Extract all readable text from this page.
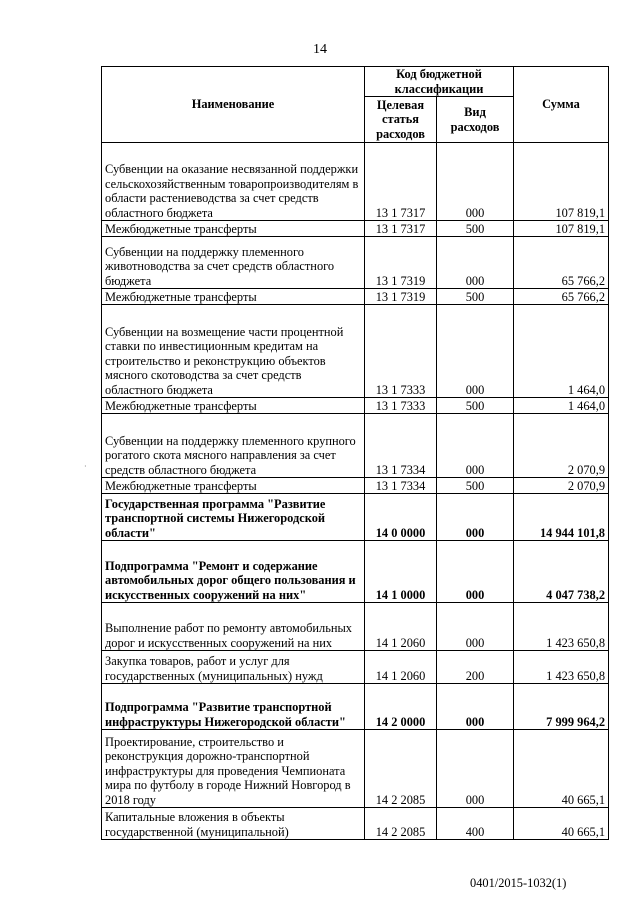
14
·
Наименование	Код бюджетной классификации		Сумма
	Целевая статья расходов	Вид расходов	
Субвенции на оказание несвязанной поддержки сельскохозяйственным товаропроизводителям в области растениеводства за счет средств областного бюджета	13 1 7317	000	107 819,1
Межбюджетные трансферты	13 1 7317	500	107 819,1
Субвенции на поддержку племенного животноводства за счет средств областного бюджета	13 1 7319	000	65 766,2
Межбюджетные трансферты	13 1 7319	500	65 766,2
Субвенции на возмещение части процентной ставки по инвестиционным кредитам на строительство и реконструкцию объектов мясного скотоводства за счет средств областного бюджета	13 1 7333	000	1 464,0
Межбюджетные трансферты	13 1 7333	500	1 464,0
Субвенции на поддержку племенного крупного рогатого скота мясного направления за счет средств областного бюджета	13 1 7334	000	2 070,9
Межбюджетные трансферты	13 1 7334	500	2 070,9
Государственная программа "Развитие транспортной системы Нижегородской области"	14 0 0000	000	14 944 101,8
Подпрограмма "Ремонт и содержание автомобильных дорог общего пользования и искусственных сооружений на них"	14 1 0000	000	4 047 738,2
Выполнение работ по ремонту автомобильных дорог и искусственных сооружений на них	14 1 2060	000	1 423 650,8
Закупка товаров, работ и услуг для государственных (муниципальных) нужд	14 1 2060	200	1 423 650,8
Подпрограмма "Развитие транспортной инфраструктуры Нижегородской области"	14 2 0000	000	7 999 964,2
Проектирование, строительство и реконструкция дорожно-транспортной инфраструктуры для проведения Чемпионата мира по футболу в городе Нижний Новгород в 2018 году	14 2 2085	000	40 665,1
Капитальные вложения в объекты государственной (муниципальной)	14 2 2085	400	40 665,1
0401/2015-1032(1)
